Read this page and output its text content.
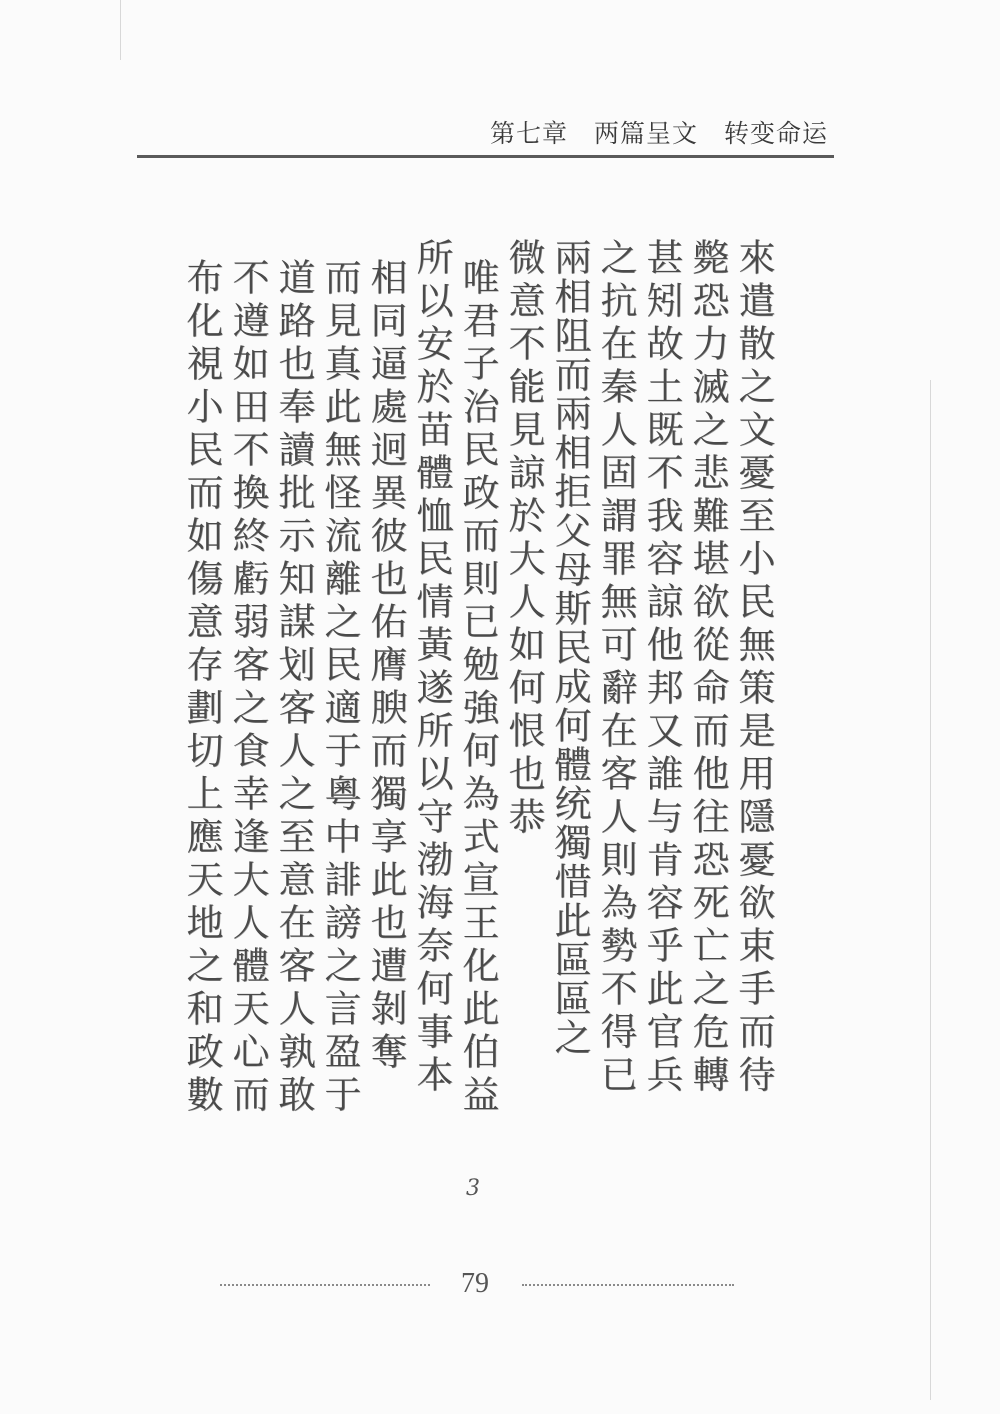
第七章　两篇呈文　转变命运
來遣散之文憂至小民無策是用隱憂欲束手而待
斃恐力滅之悲難堪欲從命而他往恐死亡之危轉
甚矧故土既不我容諒他邦又誰与肯容乎此官兵
之抗在秦人固謂罪無可辭在客人則為勢不得已
兩相阻而兩相拒父母斯民成何體统獨惜此區區之
微意不能見諒於大人如何恨也恭
唯君子治民政而則已勉強何為式宣王化此伯益
所以安於苗體恤民情黃遂所以守渤海奈何事本
相同逼處迥異彼也佑膺腴而獨享此也遭剝奪
而見真此無怪流離之民適于粵中誹謗之言盈于
道路也奉讀批示知謀划客人之至意在客人孰敢
不遵如田不換終虧弱客之食幸逢大人體天心而
布化視小民而如傷意存劃切上應天地之和政數
3
79
